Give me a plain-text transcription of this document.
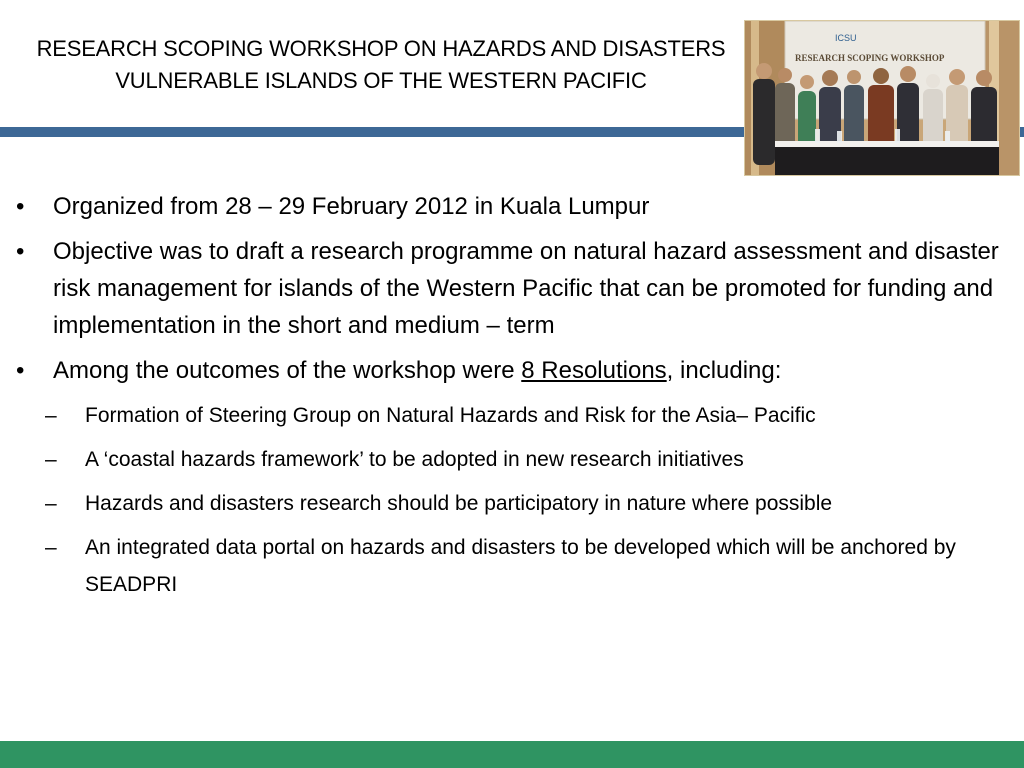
RESEARCH SCOPING WORKSHOP ON HAZARDS AND DISASTERS
VULNERABLE ISLANDS OF THE WESTERN PACIFIC
ICSU
RESEARCH SCOPING WORKSHOP
• Organized from 28 – 29 February 2012 in Kuala Lumpur
• Objective was to draft a research programme on natural hazard assessment and disaster risk management for islands of the Western Pacific that can be promoted for funding and implementation in the short and medium – term
• Among the outcomes of the workshop were 8 Resolutions, including:
– Formation of Steering Group on Natural Hazards and Risk for the Asia– Pacific
– A ‘coastal hazards framework’ to be adopted in new research initiatives
– Hazards and disasters research should be participatory in nature where possible
– An integrated data portal on hazards and disasters to be developed which will be anchored by SEADPRI
